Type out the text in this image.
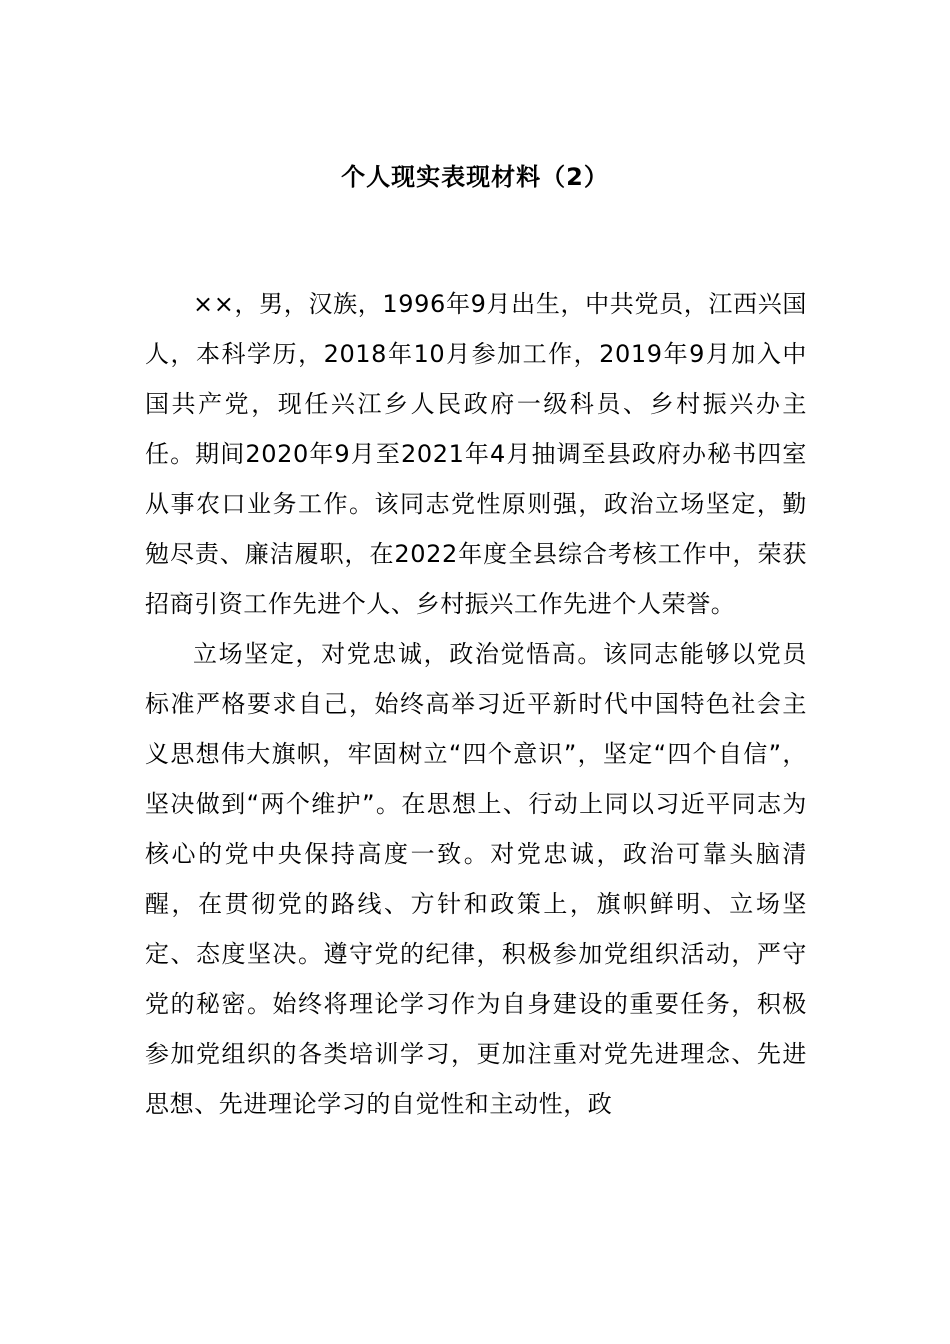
个人现实表现材料（2）

××，男，汉族，1996年9月出生，中共党员，江西兴国人，本科学历，2018年10月参加工作，2019年9月加入中国共产党，现任兴江乡人民政府一级科员、乡村振兴办主任。期间2020年9月至2021年4月抽调至县政府办秘书四室从事农口业务工作。该同志党性原则强，政治立场坚定，勤勉尽责、廉洁履职，在2022年度全县综合考核工作中，荣获招商引资工作先进个人、乡村振兴工作先进个人荣誉。

立场坚定，对党忠诚，政治觉悟高。该同志能够以党员标准严格要求自己，始终高举习近平新时代中国特色社会主义思想伟大旗帜，牢固树立“四个意识”，坚定“四个自信”，坚决做到“两个维护”。在思想上、行动上同以习近平同志为核心的党中央保持高度一致。对党忠诚，政治可靠头脑清醒，在贯彻党的路线、方针和政策上，旗帜鲜明、立场坚定、态度坚决。遵守党的纪律，积极参加党组织活动，严守党的秘密。始终将理论学习作为自身建设的重要任务，积极参加党组织的各类培训学习，更加注重对党先进理念、先进思想、先进理论学习的自觉性和主动性，政
